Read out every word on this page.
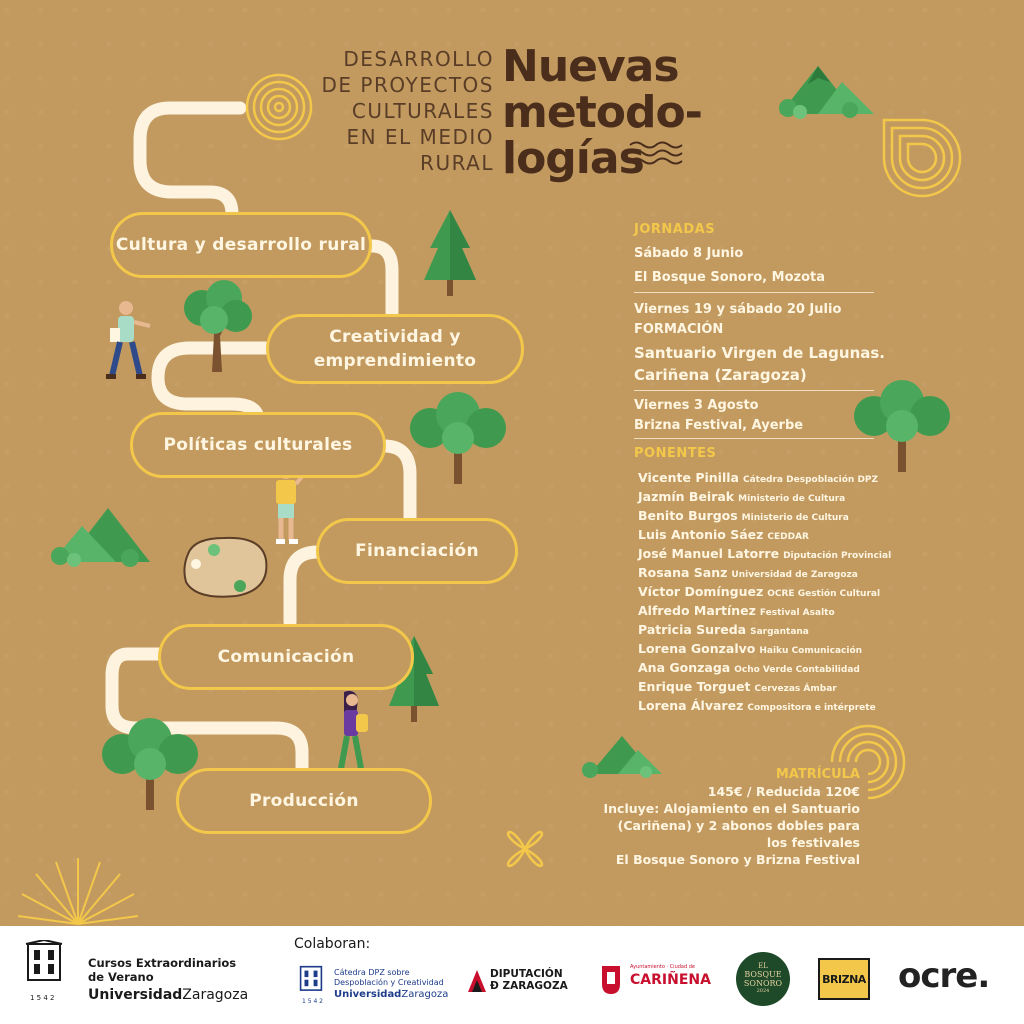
DESARROLLO
DE PROYECTOS
CULTURALES
EN EL MEDIO
RURAL
Nuevas
metodo-
logías
Cultura y desarrollo rural
Creatividad y
emprendimiento
Políticas culturales
Financiación
Comunicación
Producción
JORNADAS
Sábado 8 Junio
El Bosque Sonoro, Mozota
Viernes 19 y sábado 20 Julio
FORMACIÓN
Santuario Virgen de Lagunas.
Cariñena (Zaragoza)
Viernes 3 Agosto
Brizna Festival, Ayerbe
PONENTES
Vicente Pinilla Cátedra Despoblación DPZ
Jazmín Beirak Ministerio de Cultura
Benito Burgos Ministerio de Cultura
Luis Antonio Sáez CEDDAR
José Manuel Latorre Diputación Provincial
Rosana Sanz Universidad de Zaragoza
Víctor Domínguez OCRE Gestión Cultural
Alfredo Martínez Festival Asalto
Patricia Sureda Sargantana
Lorena Gonzalvo Haiku Comunicación
Ana Gonzaga Ocho Verde Contabilidad
Enrique Torguet Cervezas Ámbar
Lorena Álvarez Compositora e intérprete
MATRÍCULA
145€ / Reducida 120€
Incluye: Alojamiento en el Santuario
(Cariñena) y 2 abonos dobles para
los festivales
El Bosque Sonoro y Brizna Festival
1 5 4 2
Cursos Extraordinarios
de Verano
UniversidadZaragoza
Colaboran:
1 5 4 2
Cátedra DPZ sobre
Despoblación y Creatividad
UniversidadZaragoza
DIPUTACIÓN
Ð ZARAGOZA
Ayuntamiento · Ciudad de
CARIÑENA
EL
BOSQUE
SONORO
2024
BRIZNA ocre.
